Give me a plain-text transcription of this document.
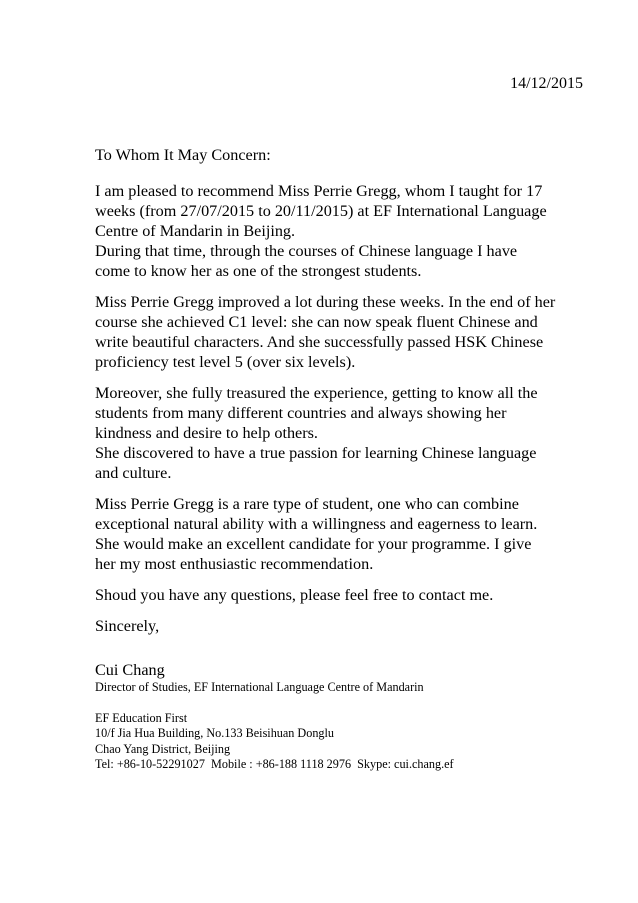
14/12/2015

To Whom It May Concern:

I am pleased to recommend Miss Perrie Gregg, whom I taught for 17
weeks (from 27/07/2015 to 20/11/2015) at EF International Language
Centre of Mandarin in Beijing.
During that time, through the courses of Chinese language I have
come to know her as one of the strongest students.

Miss Perrie Gregg improved a lot during these weeks. In the end of her
course she achieved C1 level: she can now speak fluent Chinese and
write beautiful characters. And she successfully passed HSK Chinese
proficiency test level 5 (over six levels).

Moreover, she fully treasured the experience, getting to know all the
students from many different countries and always showing her
kindness and desire to help others.
She discovered to have a true passion for learning Chinese language
and culture.

Miss Perrie Gregg is a rare type of student, one who can combine
exceptional natural ability with a willingness and eagerness to learn.
She would make an excellent candidate for your programme. I give
her my most enthusiastic recommendation.

Shoud you have any questions, please feel free to contact me.

Sincerely,

Cui Chang

Director of Studies, EF International Language Centre of Mandarin
EF Education First
10/f Jia Hua Building, No.133 Beisihuan Donglu
Chao Yang District, Beijing
Tel: +86-10-52291027  Mobile : +86-188 1118 2976  Skype: cui.chang.ef
